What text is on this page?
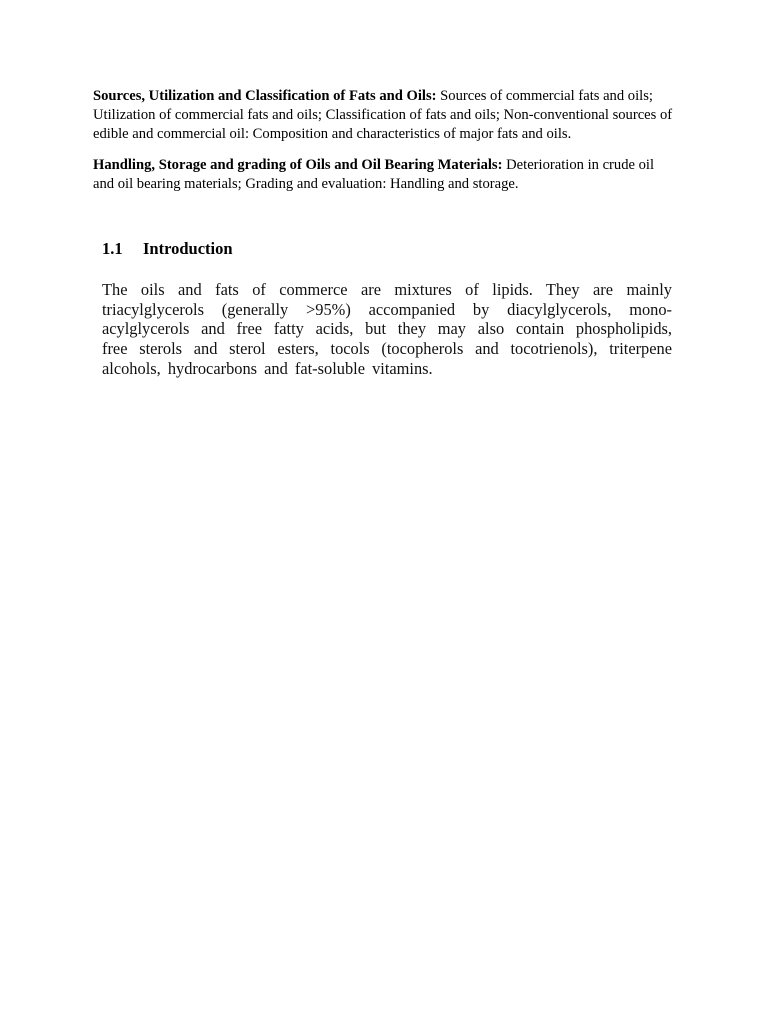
Sources, Utilization and Classification of Fats and Oils: Sources of commercial fats and oils; Utilization of commercial fats and oils; Classification of fats and oils; Non-conventional sources of edible and commercial oil: Composition and characteristics of major fats and oils.

Handling, Storage and grading of Oils and Oil Bearing Materials: Deterioration in crude oil and oil bearing materials; Grading and evaluation: Handling and storage.

1.1 Introduction
The oils and fats of commerce are mixtures of lipids. They are mainly
triacylglycerols (generally >95%) accompanied by diacylglycerols, mono-
acylglycerols and free fatty acids, but they may also contain phospholipids,
free sterols and sterol esters, tocols (tocopherols and tocotrienols), triterpene
alcohols, hydrocarbons and fat-soluble vitamins.
